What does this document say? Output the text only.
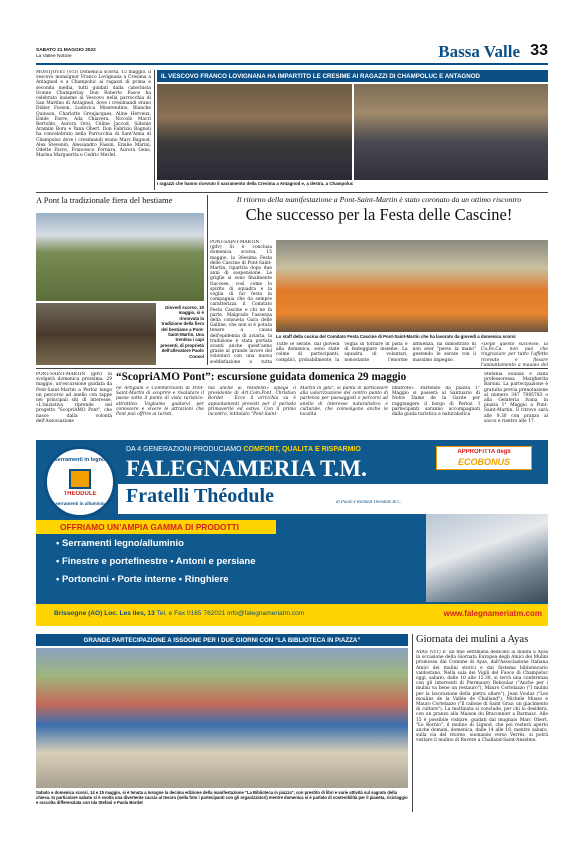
SABATO 21 MAGGIO 2022
La Vallée Notizie	Bassa Valle 33
MONTJOVET (vc1) Domenica scorsa, 15 maggio, il vescovo monsignor Franco Lovignana a Cresima a Antagnod e a Champoluc ai ragazzi di prima e seconda media, tutti guidati dalla catechista Ivonne Champeriay. Don Roberto Fasce ha celebrato insieme al Vescovo nella parrocchia di San Martino di Antagnod, dove i cresimandi erano Didier Fosson, Ludovica Miserendino, Blanche Quinson, Charlotte Greujacques, Aline Herveux, Emile Favre, Ada Chiavera. Niccolò Macri Bertoldo, Aurora Orsi, Céline Jaccod, Sidonie Aramini Bora e Yann Obert. Don Fabrizio Bagnoli ha concelebrato nella Parrocchia di Sant'Anna di Champoluc dove i cresimandi erano Marc Bagnod, Alex Stevenin, Alessandro Fassin, Emilie Marini, Odette Favre, Francesco Fornara, Aurora Gens, Marina Marguerita e Cedric Merlet.
IL VESCOVO FRANCO LOVIGNANA HA IMPARTITO LE CRESIME AI RAGAZZI DI CHAMPOLUC E ANTAGNOD
I ragazzi che hanno ricevuto il sacramento della Cresima a Antagnod e, a destra, a Champoluc
A Pont la tradizionale fiera del bestiame
Giovedì scorso, 19 maggio, si è rinnovata la tradizione della fiera del bestiame a Pont-Saint-Martin. Una trentina i capi presenti, di proprietà dell'allevatore Paolo Consol
Il ritorno della manifestazione a Pont-Saint-Martin è stato coronato da un ottimo riscontro
Che successo per la Festa delle Cascine!
PONT-SAINT-MARTIN (gdv) Si è conclusa domenica scorsa, 15 maggio, la 36esima Festa delle Cascine di Pont-Saint-Martin, ripartita dopo due anni di sospensione. Le griglie si sono finalmente riaccese, così come lo spirito di squadra e la voglia di far festa in compagnia che da sempre caratterizza il Comitato Festa Cascine e chi ne fa parte. Malgrado l'assenza della consueta Gara delle Galline, che non si è potuta tenere a causa dell'epidemia di aviaria, la tradizione è stata portata avanti anche quest'anno grazie al grande lavoro del volontari con una nuova soddisfazione a tutta
Lo staff della cucina del Comitato Festa Cascine di Pont-Saint-Martin che ha lavorato da giovedì a domenica scorsi
Tutte le serate, dal giovedì alla domenica, sono state colme di partecipanti, complici, probabilmente, la voglia di tornare in pista e di festeggiare insieme. La squadra di volontari, nonostante l'enorme affluenza, ha dimostrato di non aver "perso la mano" gestendo le serate con il massimo impegno.
«Dopo questo successo, la Cu.Fe.Ca. non può che ringraziare per tutto l'affetto ricevuto e fissare l'appuntamento a maggio del
PONT-SAINT-MARTIN (gdv) Si svolgerà domenica prossima, 29 maggio, un'escursione guidata da Pont-Saint-Martin a Perloz lungo un percorso ad anello con tappe nei principali siti di interesse. «L'iniziativa riprende nel progetto "ScopriAMO Pont", che nasce dalla volontà dell'Associazione
“ScopriAMO Pont”: escursione guidata domenica 29 maggio
ne Artigiani e Commercianti di Pont-Saint-Martin di scoprire e rivalutare il paese sotto il punto di vista turistico-attrattivo. Vogliamo guidarvi per conoscere e vivere le attrazioni che Pont può offrire ai turisti,
ma anche ai residenti» spiega il presidente di Art.Com.Pont, Christian Bordet - Ecco il arricchia su è appuntamenti previsti per il periodo primaverile ed estivo. Con il primo incontro, intitolato "Pont-Saint-
Martin in gita", si punta in particolare alla valorizzazione del centro punto di partenza per paesaggisti e percorsi ad anello di interesse naturalistico e culturale, che coinvolgono anche le località
limitrofe». Partendo da piazza 1° Maggio si passerà al Santuario di Notre Dame de la Garde per raggiungere il borgo di Perloz. I partecipanti saranno accompagnati dalla guida turistica e naturalistica
Stefania Soudaz e dalla professoressa Margherita Barsini. La partecipazione è gratuita previa prenotazione al numero 347 7085783 o alla Gelateria Ivana in piazza 1° Maggio a Pont-Saint-Martin. Il ritrovo sarà alle 9.30 con pranzo al sacco e rientro alle 17.
serramenti in legno
THÉODULE
serramenti in alluminio
DA 4 GENERAZIONI PRODUCIAMO COMFORT, QUALITÀ E RISPARMIO
FALEGNAMERIA T.M.
APPROFITTA degli
ECOBONUS
Fratelli Théodule	di Paolo e Rolland Théodule & C.
OFFRIAMO UN’AMPIA GAMMA DI PRODOTTI
• Serramenti legno/alluminio
• Finestre e portefinestre • Antoni e persiane
• Portoncini • Porte interne • Ringhiere
Brissogne (AO) Loc. Les Iles, 13 Tel. e Fax 0165 762021 info@falegnameriatm.com	www.falegnameriatm.com
GRANDE PARTECIPAZIONE A ISSOGNE PER I DUE GIORNI CON “LA BIBLIOTECA IN PIAZZA”
Sabato e domenica scorsi, 14 e 15 maggio, si è tenuta a Issogne la decima edizione della manifestazione "La Biblioteca in piazza", con prestito di libri e varie attività sul sagrato della chiesa. In particolare sabato si è svolta una divertente caccia al tesoro (nella foto i partecipanti con gli organizzatori) mentre domenica si è parlato di sostenibilità per il pianeta, riciclaggio e raccolta differenziata con Ida Stefani e Paola Bordet
Giornata dei mulini a Ayas
AYAS (vc1) E' un fine settimana dedicato ai mulini a Ayas in occasione della Giornata Europea degli Amici dei Mulini promossa dal Comune di Ayas, dall'Associazione Italiana Amici dei mulini storici e dal Sistema bibliotecario valdostano. Nella sala dei Vigili del Fuoco di Champoluc oggi, sabato, dalle 10 alle 12.30, si terrà una conferenza con gli interventi di Piermauro Reboulaz ("Anche per i mulini va bene un restauro"), Mauro Cortelazzo ("I mulini per la lavorazione della pietra ollare"), Jean Voulaz ("Les moulins de la Vallée de Challand"), Michele Musso e Mauro Cortelazzo ("Il rallone di Saint Graz: un giacimento di culture"). La mattinata si conclude, per chi lo desidera, con un pranzo alla Maison du Braconnier a Barmasc. Alle 15 è possibile visitare, guidati dal mugnaio Marc Obert, "Lo Bornio", il mulino di Lignod, che poi resterà aperto anche domani, domenica, dalle 14 alle 18, mentre sabato, sulla via del ritorno, suonando verso Verrès, si potrà visitare il mulino di Ruvère a Challand-Saint-Anselme.
